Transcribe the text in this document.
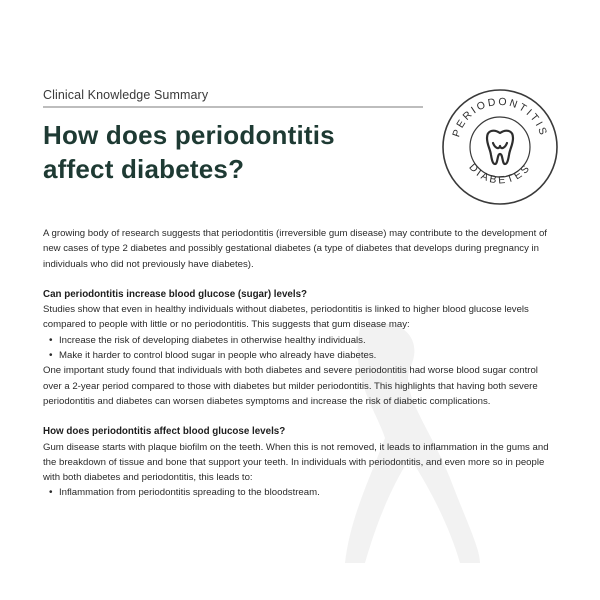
Clinical Knowledge Summary
How does periodontitis
affect diabetes?
PERIODONTITIS
DIABETES

A growing body of research suggests that periodontitis (irreversible gum disease) may contribute to the development of new cases of type 2 diabetes and possibly gestational diabetes (a type of diabetes that develops during pregnancy in individuals who did not previously have diabetes).

Can periodontitis increase blood glucose (sugar) levels?

Studies show that even in healthy individuals without diabetes, periodontitis is linked to higher blood glucose levels compared to people with little or no periodontitis. This suggests that gum disease may:

• Increase the risk of developing diabetes in otherwise healthy individuals.
• Make it harder to control blood sugar in people who already have diabetes.

One important study found that individuals with both diabetes and severe periodontitis had worse blood sugar control over a 2-year period compared to those with diabetes but milder periodontitis. This highlights that having both severe periodontitis and diabetes can worsen diabetes symptoms and increase the risk of diabetic complications.

How does periodontitis affect blood glucose levels?

Gum disease starts with plaque biofilm on the teeth. When this is not removed, it leads to inflammation in the gums and the breakdown of tissue and bone that support your teeth. In individuals with periodontitis, and even more so in people with both diabetes and periodontitis, this leads to:

• Inflammation from periodontitis spreading to the bloodstream.
